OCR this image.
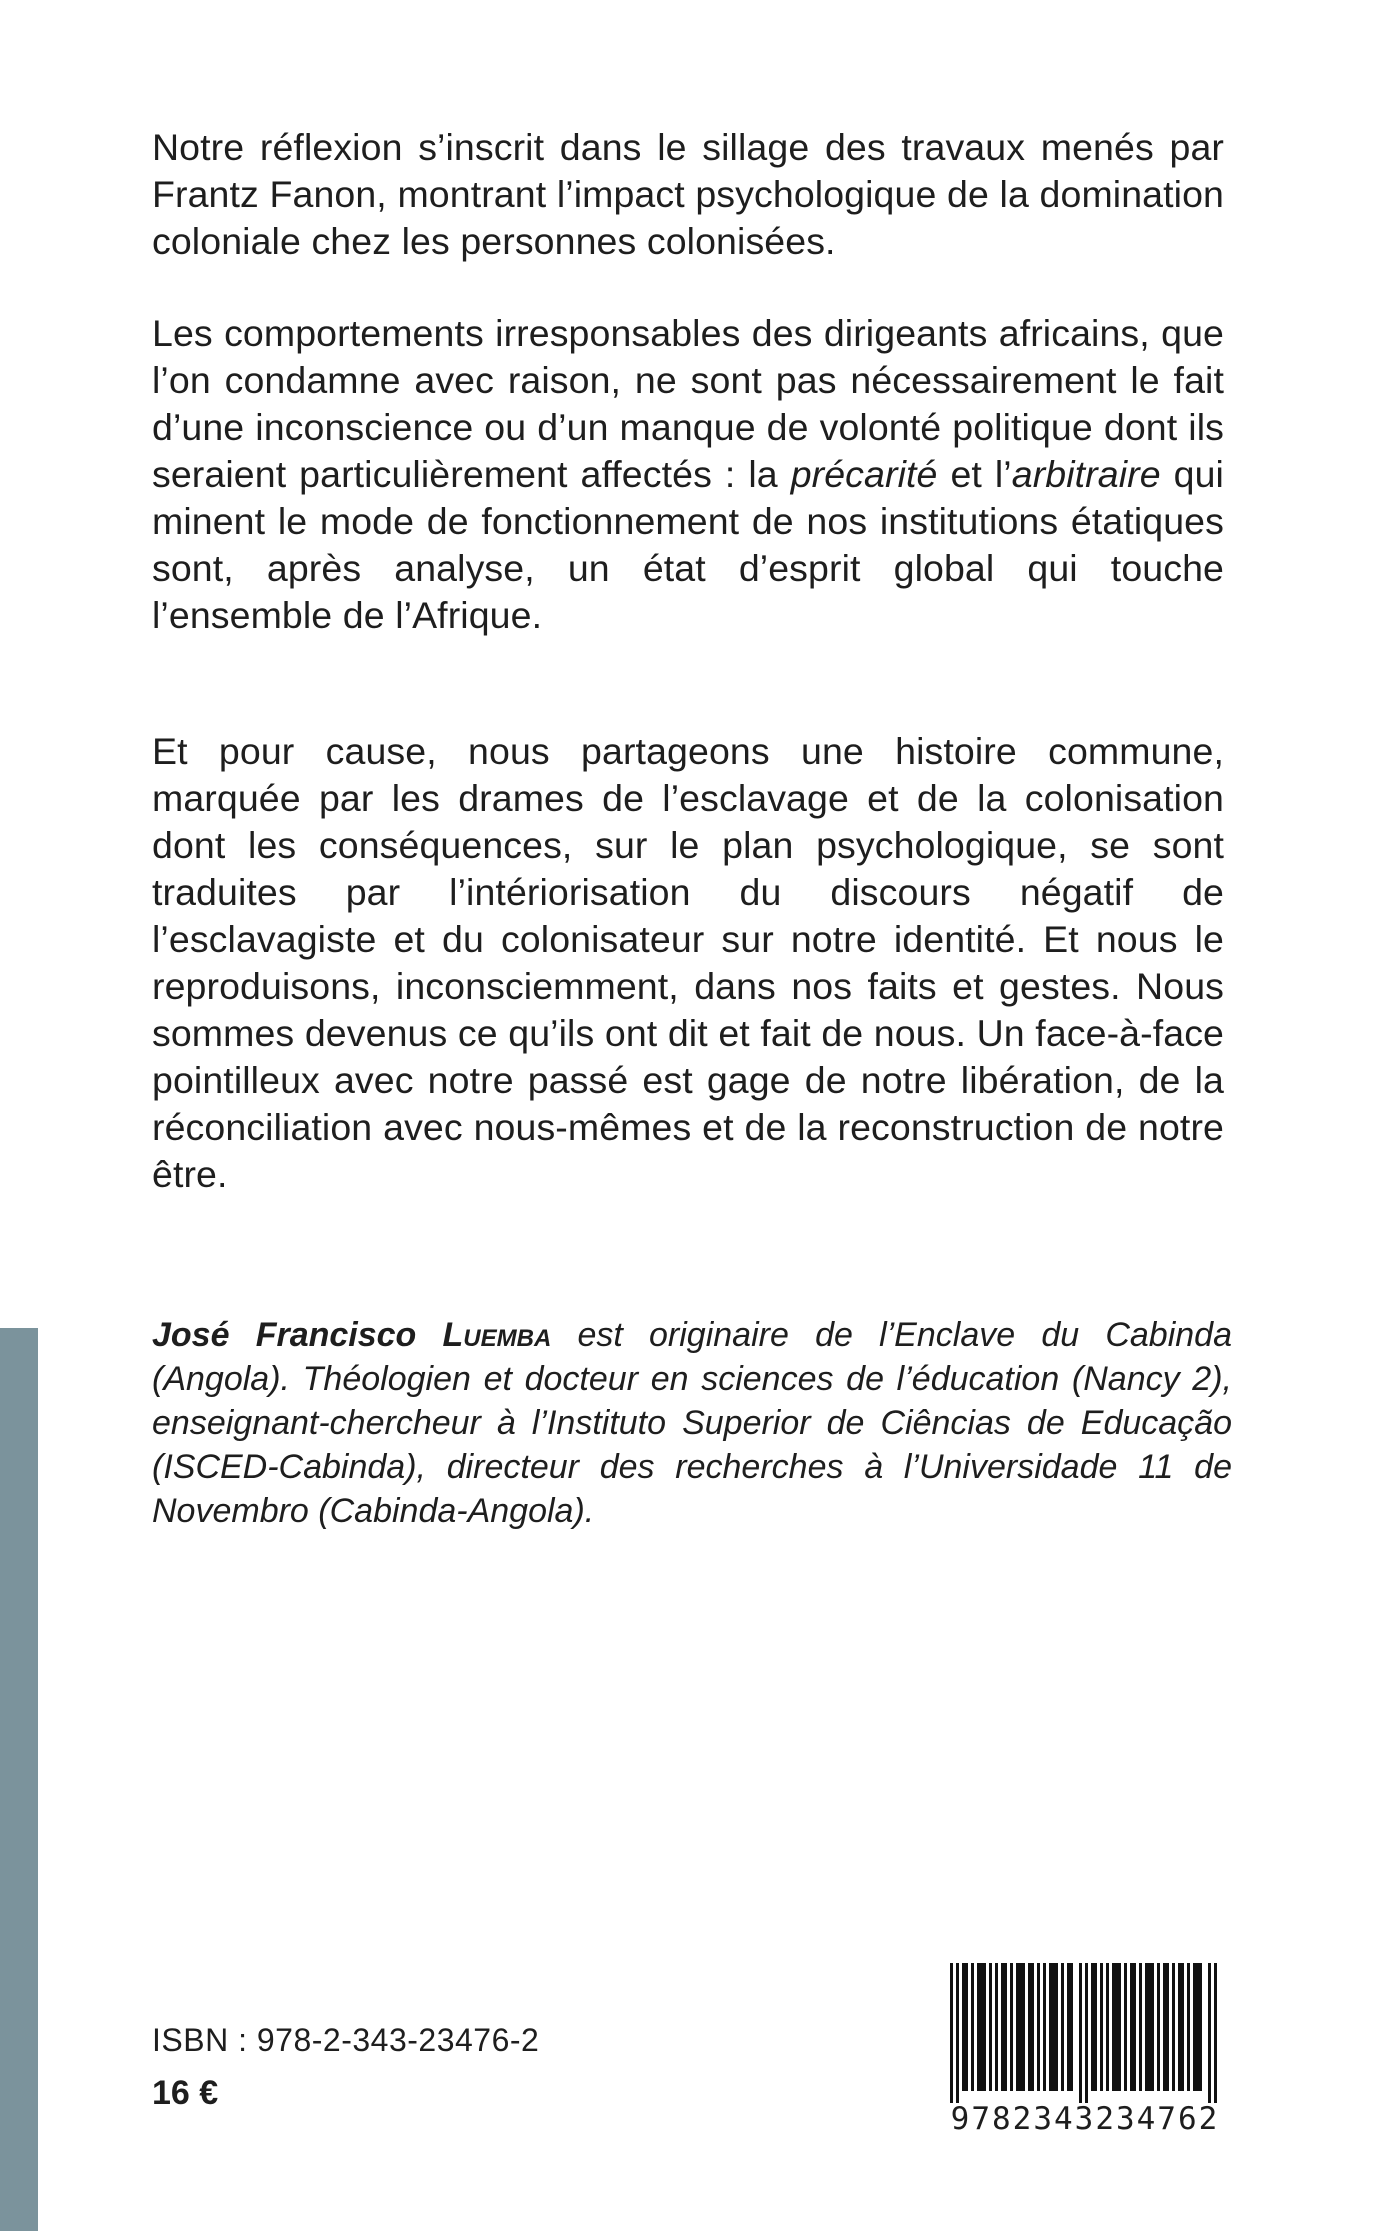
Notre réflexion s’inscrit dans le sillage des travaux menés par Frantz Fanon, montrant l’impact psychologique de la domination coloniale chez les personnes colonisées.

Les comportements irresponsables des dirigeants africains, que l’on condamne avec raison, ne sont pas nécessairement le fait d’une inconscience ou d’un manque de volonté politique dont ils seraient particulièrement affectés : la précarité et l’arbitraire qui minent le mode de fonctionnement de nos institutions étatiques sont, après analyse, un état d’esprit global qui touche l’ensemble de l’Afrique.

Et pour cause, nous partageons une histoire commune, marquée par les drames de l’esclavage et de la colonisation dont les conséquences, sur le plan psychologique, se sont traduites par l’intériorisation du discours négatif de l’esclavagiste et du colonisateur sur notre identité. Et nous le reproduisons, inconsciemment, dans nos faits et gestes. Nous sommes devenus ce qu’ils ont dit et fait de nous. Un face-à-face pointilleux avec notre passé est gage de notre libération, de la réconciliation avec nous-mêmes et de la reconstruction de notre être.

José Francisco Luemba est originaire de l’Enclave du Cabinda (Angola). Théologien et docteur en sciences de l’éducation (Nancy 2), enseignant-chercheur à l’Instituto Superior de Ciências de Educação (ISCED-Cabinda), directeur des recherches à l’Universidade 11 de Novembro (Cabinda-Angola).
ISBN : 978-2-343-23476-2
16 €
9782343234762
